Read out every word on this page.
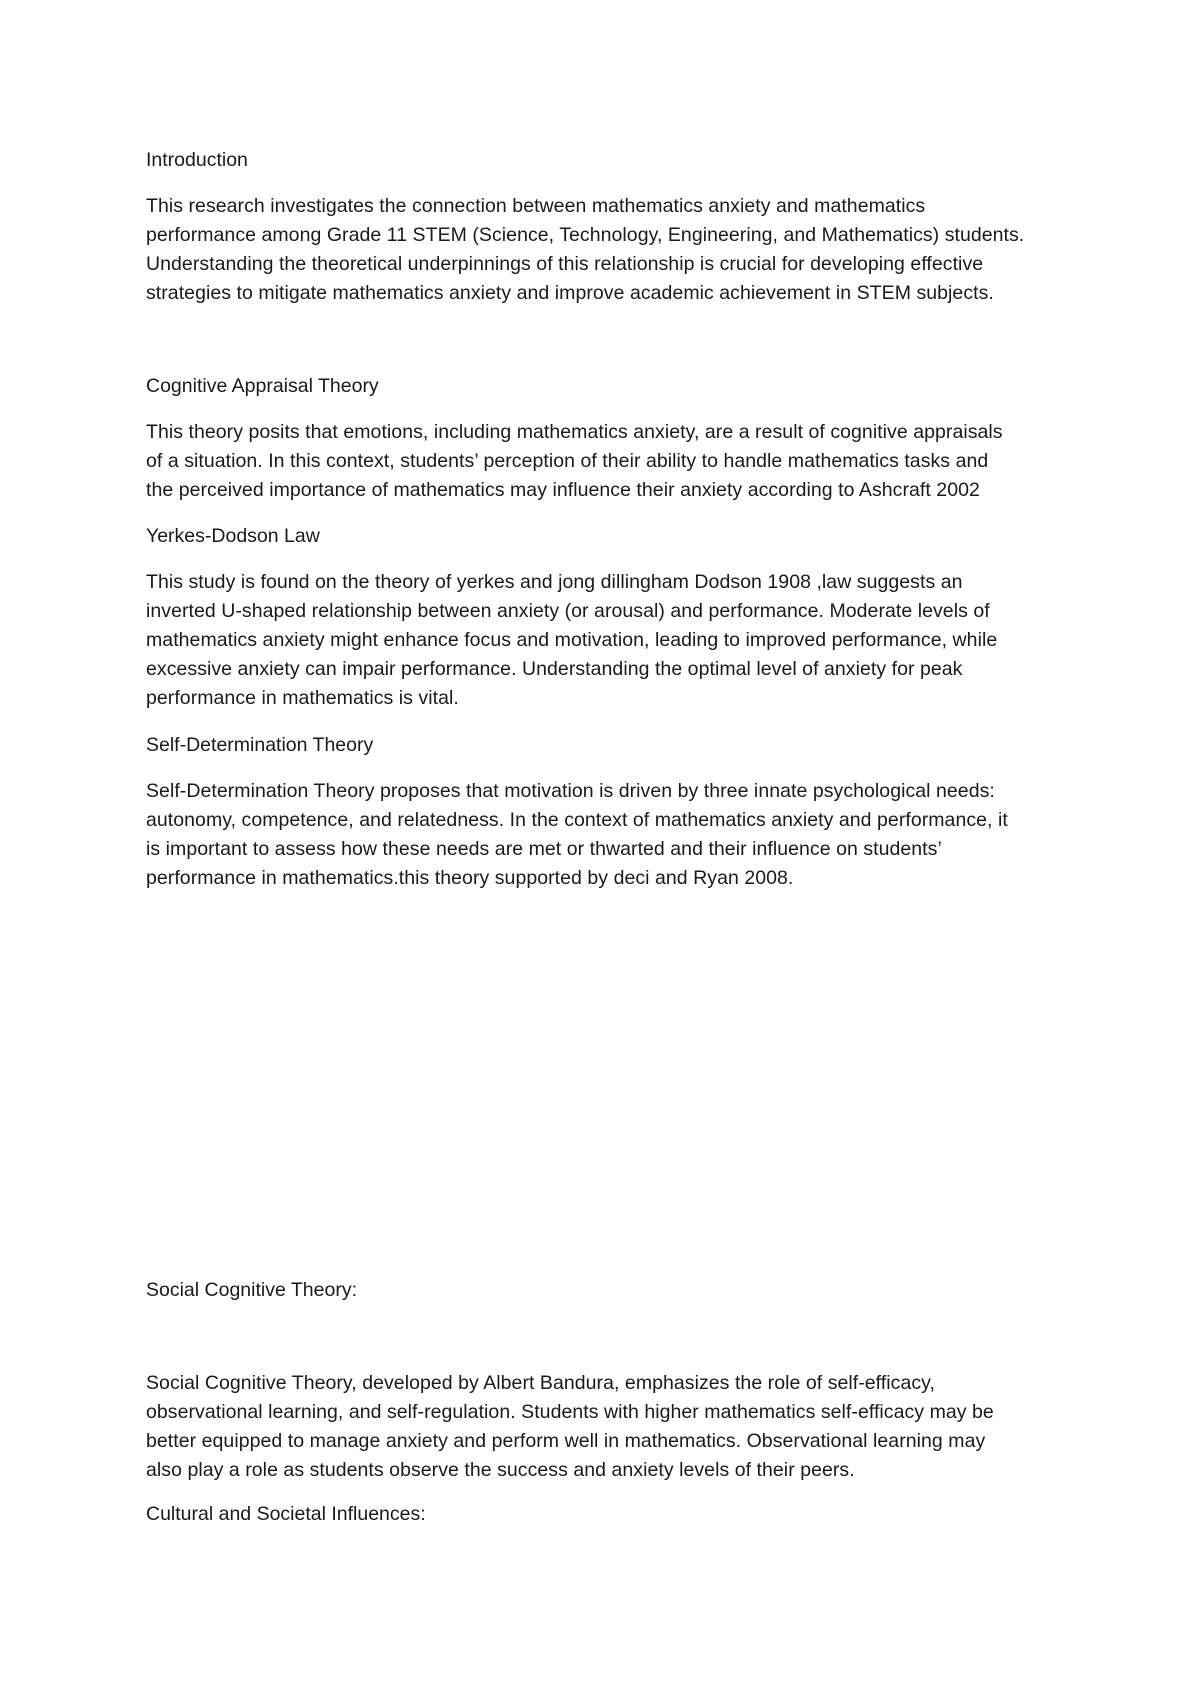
Introduction
This research investigates the connection between mathematics anxiety and mathematics
performance among Grade 11 STEM (Science, Technology, Engineering, and Mathematics) students.
Understanding the theoretical underpinnings of this relationship is crucial for developing effective
strategies to mitigate mathematics anxiety and improve academic achievement in STEM subjects.
Cognitive Appraisal Theory
This theory posits that emotions, including mathematics anxiety, are a result of cognitive appraisals
of a situation. In this context, students’ perception of their ability to handle mathematics tasks and
the perceived importance of mathematics may influence their anxiety according to Ashcraft 2002
Yerkes-Dodson Law
This study is found on the theory of yerkes and jong dillingham Dodson 1908 ,law suggests an
inverted U-shaped relationship between anxiety (or arousal) and performance. Moderate levels of
mathematics anxiety might enhance focus and motivation, leading to improved performance, while
excessive anxiety can impair performance. Understanding the optimal level of anxiety for peak
performance in mathematics is vital.
Self-Determination Theory
Self-Determination Theory proposes that motivation is driven by three innate psychological needs:
autonomy, competence, and relatedness. In the context of mathematics anxiety and performance, it
is important to assess how these needs are met or thwarted and their influence on students’
performance in mathematics.this theory supported by deci and Ryan 2008.
Social Cognitive Theory:
Social Cognitive Theory, developed by Albert Bandura, emphasizes the role of self-efficacy,
observational learning, and self-regulation. Students with higher mathematics self-efficacy may be
better equipped to manage anxiety and perform well in mathematics. Observational learning may
also play a role as students observe the success and anxiety levels of their peers.
Cultural and Societal Influences:
